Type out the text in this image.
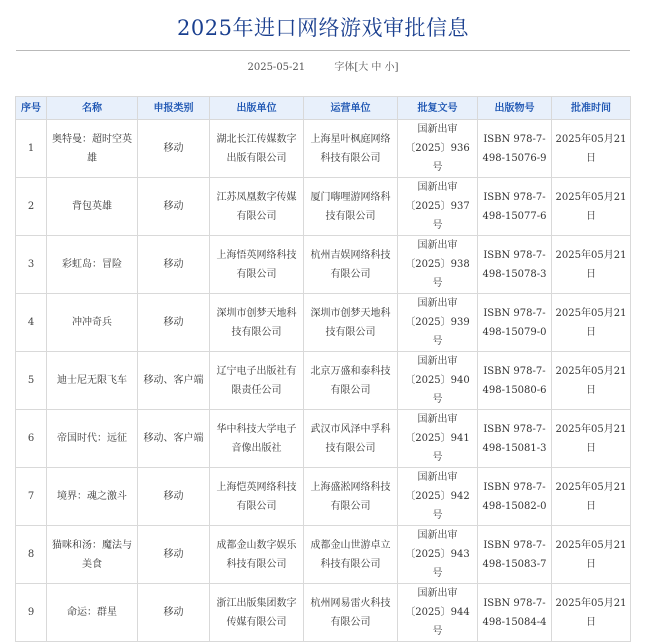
2025年进口网络游戏审批信息
2025-05-21	字体[大 中 小]
序号	名称	申报类别	出版单位	运营单位	批复文号	出版物号	批准时间
1	奥特曼：超时空英雄	移动	湖北长江传媒数字出版有限公司	上海星叶枫庭网络科技有限公司	国新出审〔2025〕936号	ISBN 978-7-498-15076-9	2025年05月21日
2	背包英雄	移动	江苏凤凰数字传媒有限公司	厦门嗨哩游网络科技有限公司	国新出审〔2025〕937号	ISBN 978-7-498-15077-6	2025年05月21日
3	彩虹岛：冒险	移动	上海悟英网络科技有限公司	杭州吉娱网络科技有限公司	国新出审〔2025〕938号	ISBN 978-7-498-15078-3	2025年05月21日
4	冲冲奇兵	移动	深圳市创梦天地科技有限公司	深圳市创梦天地科技有限公司	国新出审〔2025〕939号	ISBN 978-7-498-15079-0	2025年05月21日
5	迪士尼无限飞车	移动、客户端	辽宁电子出版社有限责任公司	北京万盛和泰科技有限公司	国新出审〔2025〕940号	ISBN 978-7-498-15080-6	2025年05月21日
6	帝国时代：远征	移动、客户端	华中科技大学电子音像出版社	武汉市风泽中孚科技有限公司	国新出审〔2025〕941号	ISBN 978-7-498-15081-3	2025年05月21日
7	境界：魂之激斗	移动	上海恺英网络科技有限公司	上海盛淞网络科技有限公司	国新出审〔2025〕942号	ISBN 978-7-498-15082-0	2025年05月21日
8	猫咪和汤：魔法与美食	移动	成都金山数字娱乐科技有限公司	成都金山世游卓立科技有限公司	国新出审〔2025〕943号	ISBN 978-7-498-15083-7	2025年05月21日
9	命运：群星	移动	浙江出版集团数字传媒有限公司	杭州网易雷火科技有限公司	国新出审〔2025〕944号	ISBN 978-7-498-15084-4	2025年05月21日
